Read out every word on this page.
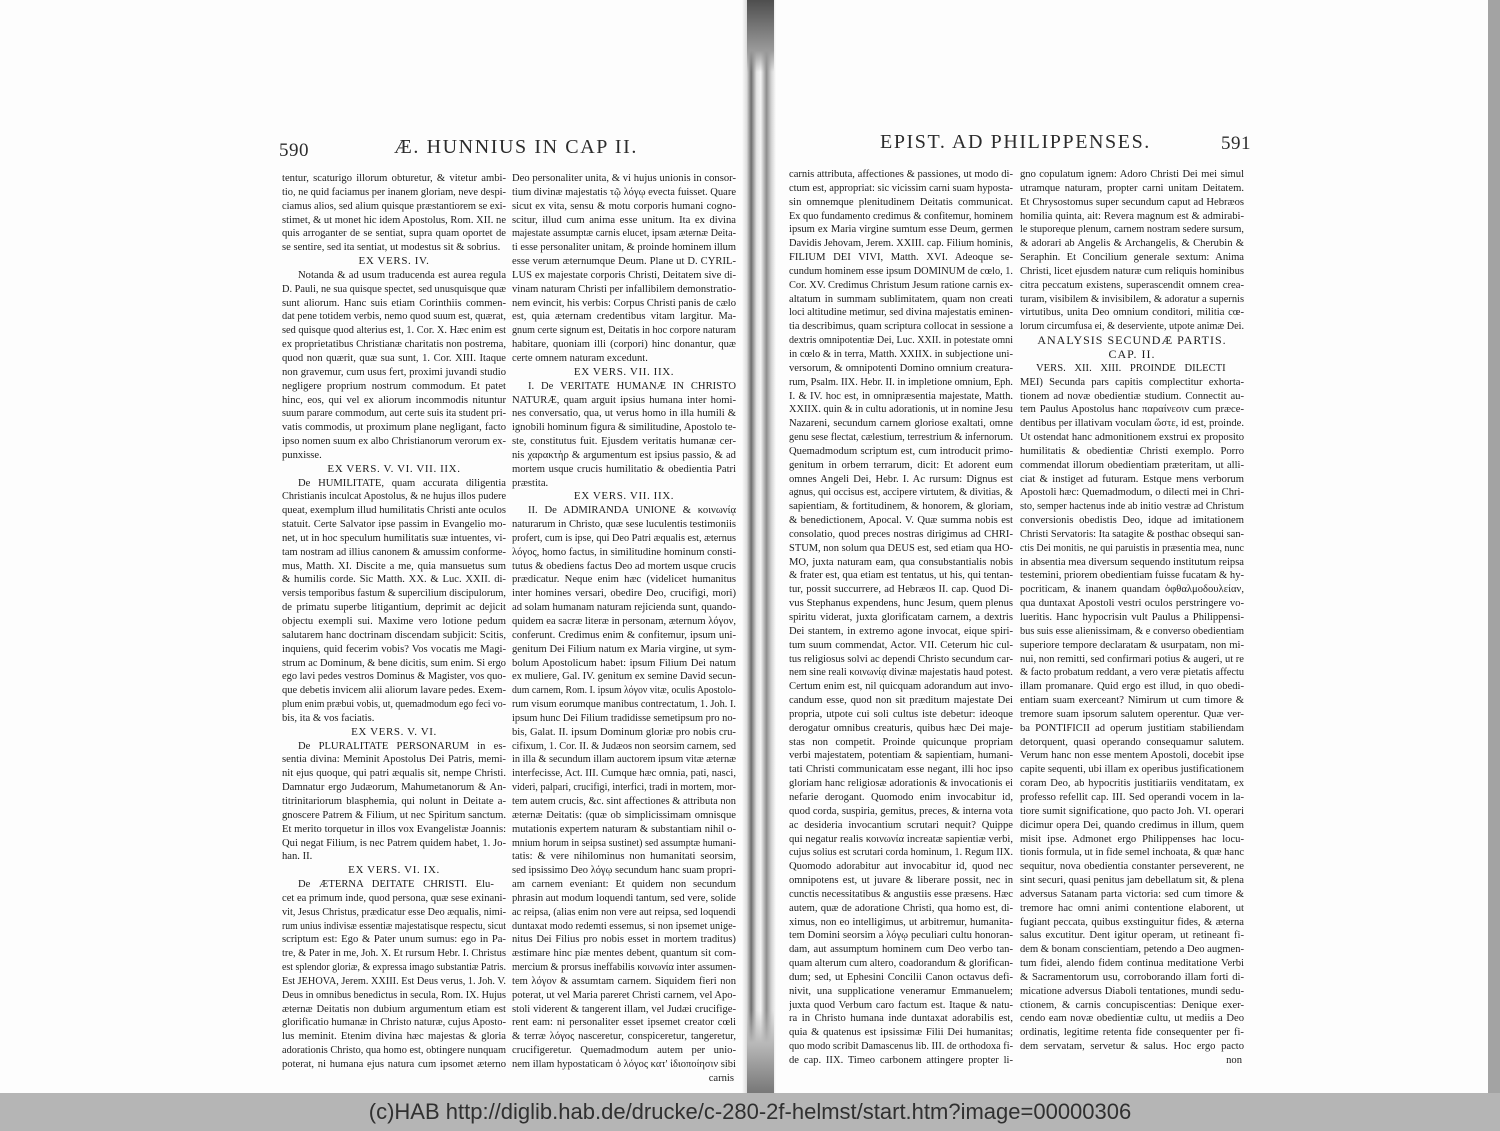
590	Æ. HUNNIUS IN CAP II.
tentur, scaturigo illorum obturetur, & vitetur ambi-
tio, ne quid faciamus per inanem gloriam, neve despi-
ciamus alios, sed alium quisque præstantiorem se exi-
stimet, & ut monet hic idem Apostolus, Rom. XII. ne
quis arroganter de se sentiat, supra quam oportet de
se sentire, sed ita sentiat, ut modestus sit & sobrius.
EX VERS. IV.
Notanda & ad usum traducenda est aurea regula
D. Pauli, ne sua quisque spectet, sed unusquisque quæ
sunt aliorum. Hanc suis etiam Corinthiis commen-
dat pene totidem verbis, nemo quod suum est, quærat,
sed quisque quod alterius est, 1. Cor. X. Hæc enim est
ex proprietatibus Christianæ charitatis non postrema,
quod non quærit, quæ sua sunt, 1. Cor. XIII. Itaque
non gravemur, cum usus fert, proximi juvandi studio
negligere proprium nostrum commodum. Et patet
hinc, eos, qui vel ex aliorum incommodis nituntur
suum parare commodum, aut certe suis ita student pri-
vatis commodis, ut proximum plane negligant, facto
ipso nomen suum ex albo Christianorum verorum ex-
punxisse.
EX VERS. V. VI. VII. IIX.
De HUMILITATE, quam accurata diligentia
Christianis inculcat Apostolus, & ne hujus illos pudere
queat, exemplum illud humilitatis Christi ante oculos
statuit. Certe Salvator ipse passim in Evangelio mo-
net, ut in hoc speculum humilitatis suæ intuentes, vi-
tam nostram ad illius canonem & amussim conforme-
mus, Matth. XI. Discite a me, quia mansuetus sum
& humilis corde. Sic Matth. XX. & Luc. XXII. di-
versis temporibus fastum & supercilium discipulorum,
de primatu superbe litigantium, deprimit ac dejicit
objectu exempli sui. Maxime vero lotione pedum
salutarem hanc doctrinam discendam subjicit: Scitis,
inquiens, quid fecerim vobis? Vos vocatis me Magi-
strum ac Dominum, & bene dicitis, sum enim. Si ergo
ego lavi pedes vestros Dominus & Magister, vos quo-
que debetis invicem alii aliorum lavare pedes. Exem-
plum enim præbui vobis, ut, quemadmodum ego feci vo-
bis, ita & vos faciatis.
EX VERS. V. VI.
De PLURALITATE PERSONARUM in es-
sentia divina: Meminit Apostolus Dei Patris, memi-
nit ejus quoque, qui patri æqualis sit, nempe Christi.
Damnatur ergo Judæorum, Mahumetanorum & An-
titrinitariorum blasphemia, qui nolunt in Deitate a-
gnoscere Patrem & Filium, ut nec Spiritum sanctum.
Et merito torquetur in illos vox Evangelistæ Joannis:
Qui negat Filium, is nec Patrem quidem habet, 1. Jo-
han. II.
EX VERS. VI. IX.
De ÆTERNA DEITATE CHRISTI. Elu-
cet ea primum inde, quod persona, quæ sese exinani-
vit, Jesus Christus, prædicatur esse Deo æqualis, nimi-
rum unius indivisæ essentiæ majestatisque respectu, sicut
scriptum est: Ego & Pater unum sumus: ego in Pa-
tre, & Pater in me, Joh. X. Et rursum Hebr. I. Christus
est splendor gloriæ, & expressa imago substantiæ Patris.
Est JEHOVA, Jerem. XXIII. Est Deus verus, 1. Joh. V.
Deus in omnibus benedictus in secula, Rom. IX. Hujus
æternæ Deitatis non dubium argumentum etiam est
glorificatio humanæ in Christo naturæ, cujus Aposto-
lus meminit. Etenim divina hæc majestas & gloria
adorationis Christo, qua homo est, obtingere nunquam
poterat, ni humana ejus natura cum ipsomet æterno
Deo personaliter unita, & vi hujus unionis in consor-
tium divinæ majestatis τῷ λόγῳ evecta fuisset. Quare
sicut ex vita, sensu & motu corporis humani cogno-
scitur, illud cum anima esse unitum. Ita ex divina
majestate assumptæ carnis elucet, ipsam æternæ Deita-
ti esse personaliter unitam, & proinde hominem illum
esse verum æternumque Deum. Plane ut D. CYRIL-
LUS ex majestate corporis Christi, Deitatem sive di-
vinam naturam Christi per infallibilem demonstratio-
nem evincit, his verbis: Corpus Christi panis de cælo
est, quia æternam credentibus vitam largitur. Ma-
gnum certe signum est, Deitatis in hoc corpore naturam
habitare, quoniam illi (corpori) hinc donantur, quæ
certe omnem naturam excedunt.
EX VERS. VII. IIX.
I. De VERITATE HUMANÆ IN CHRISTO
NATURÆ, quam arguit ipsius humana inter homi-
nes conversatio, qua, ut verus homo in illa humili &
ignobili hominum figura & similitudine, Apostolo te-
ste, constitutus fuit. Ejusdem veritatis humanæ cer-
nis χαρακτὴρ & argumentum est ipsius passio, & ad
mortem usque crucis humilitatio & obedientia Patri
præstita.
EX VERS. VII. IIX.
II. De ADMIRANDA UNIONE & κοινωνίᾳ
naturarum in Christo, quæ sese luculentis testimoniis
profert, cum is ipse, qui Deo Patri æqualis est, æternus
λόγος, homo factus, in similitudine hominum consti-
tutus & obediens factus Deo ad mortem usque crucis
prædicatur. Neque enim hæc (videlicet humanitus
inter homines versari, obedire Deo, crucifigi, mori)
ad solam humanam naturam rejicienda sunt, quando-
quidem ea sacræ literæ in personam, æternum λόγον,
conferunt. Credimus enim & confitemur, ipsum uni-
genitum Dei Filium natum ex Maria virgine, ut sym-
bolum Apostolicum habet: ipsum Filium Dei natum
ex muliere, Gal. IV. genitum ex semine David secun-
dum carnem, Rom. I. ipsum λόγον vitæ, oculis Apostolo-
rum visum eorumque manibus contrectatum, 1. Joh. I.
ipsum hunc Dei Filium tradidisse semetipsum pro no-
bis, Galat. II. ipsum Dominum gloriæ pro nobis cru-
cifixum, 1. Cor. II. & Judæos non seorsim carnem, sed
in illa & secundum illam auctorem ipsum vitæ æternæ
interfecisse, Act. III. Cumque hæc omnia, pati, nasci,
videri, palpari, crucifigi, interfici, tradi in mortem, mor-
tem autem crucis, &c. sint affectiones & attributa non
æternæ Deitatis: (quæ ob simplicissimam omnisque
mutationis expertem naturam & substantiam nihil o-
mnium horum in seipsa sustinet) sed assumptæ humani-
tatis: & vere nihilominus non humanitati seorsim,
sed ipsissimo Deo λόγῳ secundum hanc suam propri-
am carnem eveniant: Et quidem non secundum
phrasin aut modum loquendi tantum, sed vere, solide
ac reipsa, (alias enim non vere aut reipsa, sed loquendi
duntaxat modo redemti essemus, si non ipsemet unige-
nitus Dei Filius pro nobis esset in mortem traditus)
æstimare hinc piæ mentes debent, quantum sit com-
mercium & prorsus ineffabilis κοινωνία inter assumen-
tem λόγον & assumtam carnem. Siquidem fieri non
poterat, ut vel Maria pareret Christi carnem, vel Apo-
stoli viderent & tangerent illam, vel Judæi crucifige-
rent eam: ni personaliter esset ipsemet creator cœli
& terræ λόγος nasceretur, conspiceretur, tangeretur,
crucifigeretur. Quemadmodum autem per unio-
nem illam hypostaticam ὁ λόγος κατ' ἰδιοποίησιν sibi
carnis
EPIST. AD PHILIPPENSES.	591
carnis attributa, affectiones & passiones, ut modo di-
ctum est, appropriat: sic vicissim carni suam hyposta-
sin omnemque plenitudinem Deitatis communicat.
Ex quo fundamento credimus & confitemur, hominem
ipsum ex Maria virgine sumtum esse Deum, germen
Davidis Jehovam, Jerem. XXIII. cap. Filium hominis,
FILIUM DEI VIVI, Matth. XVI. Adeoque se-
cundum hominem esse ipsum DOMINUM de cœlo, 1.
Cor. XV. Credimus Christum Jesum ratione carnis ex-
altatum in summam sublimitatem, quam non creati
loci altitudine metimur, sed divina majestatis eminen-
tia describimus, quam scriptura collocat in sessione a
dextris omnipotentiæ Dei, Luc. XXII. in potestate omni
in cœlo & in terra, Matth. XXIIX. in subjectione uni-
versorum, & omnipotenti Domino omnium creatura-
rum, Psalm. IIX. Hebr. II. in impletione omnium, Eph.
I. & IV. hoc est, in omnipræsentia majestate, Matth.
XXIIX. quin & in cultu adorationis, ut in nomine Jesu
Nazareni, secundum carnem gloriose exaltati, omne
genu sese flectat, cælestium, terrestrium & infernorum.
Quemadmodum scriptum est, cum introducit primo-
genitum in orbem terrarum, dicit: Et adorent eum
omnes Angeli Dei, Hebr. I. Ac rursum: Dignus est
agnus, qui occisus est, accipere virtutem, & divitias, &
sapientiam, & fortitudinem, & honorem, & gloriam,
& benedictionem, Apocal. V. Quæ summa nobis est
consolatio, quod preces nostras dirigimus ad CHRI-
STUM, non solum qua DEUS est, sed etiam qua HO-
MO, juxta naturam eam, qua consubstantialis nobis
& frater est, qua etiam est tentatus, ut his, qui tentan-
tur, possit succurrere, ad Hebræos II. cap. Quod Di-
vus Stephanus expendens, hunc Jesum, quem plenus
spiritu viderat, juxta glorificatam carnem, a dextris
Dei stantem, in extremo agone invocat, eique spiri-
tum suum commendat, Actor. VII. Ceterum hic cul-
tus religiosus solvi ac dependi Christo secundum car-
nem sine reali κοινωνίᾳ divinæ majestatis haud potest.
Certum enim est, nil quicquam adorandum aut invo-
candum esse, quod non sit præditum majestate Dei
propria, utpote cui soli cultus iste debetur: ideoque
derogatur omnibus creaturis, quibus hæc Dei maje-
stas non competit. Proinde quicunque propriam
verbi majestatem, potentiam & sapientiam, humani-
tati Christi communicatam esse negant, illi hoc ipso
gloriam hanc religiosæ adorationis & invocationis ei
nefarie derogant. Quomodo enim invocabitur id,
quod corda, suspiria, gemitus, preces, & interna vota
ac desideria invocantium scrutari nequit? Quippe
qui negatur realis κοινωνία increatæ sapientiæ verbi,
cujus solius est scrutari corda hominum, 1. Regum IIX.
Quomodo adorabitur aut invocabitur id, quod nec
omnipotens est, ut juvare & liberare possit, nec in
cunctis necessitatibus & angustiis esse præsens. Hæc
autem, quæ de adoratione Christi, qua homo est, di-
ximus, non eo intelligimus, ut arbitremur, humanita-
tem Domini seorsim a λόγῳ peculiari cultu honoran-
dam, aut assumptum hominem cum Deo verbo tan-
quam alterum cum altero, coadorandum & glorifican-
dum; sed, ut Ephesini Concilii Canon octavus defi-
nivit, una supplicatione veneramur Emmanuelem;
juxta quod Verbum caro factum est. Itaque & natu-
ra in Christo humana inde duntaxat adorabilis est,
quia & quatenus est ipsissimæ Filii Dei humanitas;
quo modo scribit Damascenus lib. III. de orthodoxa fi-
de cap. IIX. Timeo carbonem attingere propter li-
gno copulatum ignem: Adoro Christi Dei mei simul
utramque naturam, propter carni unitam Deitatem.
Et Chrysostomus super secundum caput ad Hebræos
homilia quinta, ait: Revera magnum est & admirabi-
le stuporeque plenum, carnem nostram sedere sursum,
& adorari ab Angelis & Archangelis, & Cherubin &
Seraphin. Et Concilium generale sextum: Anima
Christi, licet ejusdem naturæ cum reliquis hominibus
citra peccatum existens, superascendit omnem crea-
turam, visibilem & invisibilem, & adoratur a supernis
virtutibus, unita Deo omnium conditori, militia cœ-
lorum circumfusa ei, & deserviente, utpote animæ Dei.
ANALYSIS SECUNDÆ PARTIS.
CAP. II.
VERS. XII. XIII. PROINDE DILECTI
MEI) Secunda pars capitis complectitur exhorta-
tionem ad novæ obedientiæ studium. Connectit au-
tem Paulus Apostolus hanc παραίνεσιν cum præce-
dentibus per illativam voculam ὥστε, id est, proinde.
Ut ostendat hanc admonitionem exstrui ex proposito
humilitatis & obedientiæ Christi exemplo. Porro
commendat illorum obedientiam præteritam, ut alli-
ciat & instiget ad futuram. Estque mens verborum
Apostoli hæc: Quemadmodum, o dilecti mei in Chri-
sto, semper hactenus inde ab initio vestræ ad Christum
conversionis obedistis Deo, idque ad imitationem
Christi Servatoris: Ita satagite & posthac obsequi san-
ctis Dei monitis, ne qui paruistis in præsentia mea, nunc
in absentia mea diversum sequendo institutum reipsa
testemini, priorem obedientiam fuisse fucatam & hy-
pocriticam, & inanem quandam ὀφθαλμοδουλείαν,
qua duntaxat Apostoli vestri oculos perstringere vo-
lueritis. Hanc hypocrisin vult Paulus a Philippensi-
bus suis esse alienissimam, & e converso obedientiam
superiore tempore declaratam & usurpatam, non mi-
nui, non remitti, sed confirmari potius & augeri, ut re
& facto probatum reddant, a vero veræ pietatis affectu
illam promanare. Quid ergo est illud, in quo obedi-
entiam suam exerceant? Nimirum ut cum timore &
tremore suam ipsorum salutem operentur. Quæ ver-
ba PONTIFICII ad operum justitiam stabiliendam
detorquent, quasi operando consequamur salutem.
Verum hanc non esse mentem Apostoli, docebit ipse
capite sequenti, ubi illam ex operibus justificationem
coram Deo, ab hypocritis justitiariis venditatam, ex
professo refellit cap. III. Sed operandi vocem in la-
tiore sumit significatione, quo pacto Joh. VI. operari
dicimur opera Dei, quando credimus in illum, quem
misit ipse. Admonet ergo Philippenses hac locu-
tionis formula, ut in fide semel inchoata, & quæ hanc
sequitur, nova obedientia constanter perseverent, ne
sint securi, quasi penitus jam debellatum sit, & plena
adversus Satanam parta victoria: sed cum timore &
tremore hac omni animi contentione elaborent, ut
fugiant peccata, quibus exstinguitur fides, & æterna
salus excutitur. Dent igitur operam, ut retineant fi-
dem & bonam conscientiam, petendo a Deo augmen-
tum fidei, alendo fidem continua meditatione Verbi
& Sacramentorum usu, corroborando illam forti di-
micatione adversus Diaboli tentationes, mundi sedu-
ctionem, & carnis concupiscentias: Denique exer-
cendo eam novæ obedientiæ cultu, ut mediis a Deo
ordinatis, legitime retenta fide consequenter per fi-
dem servatam, servetur & salus. Hoc ergo pacto
non
(c)HAB http://diglib.hab.de/drucke/c-280-2f-helmst/start.htm?image=00000306
